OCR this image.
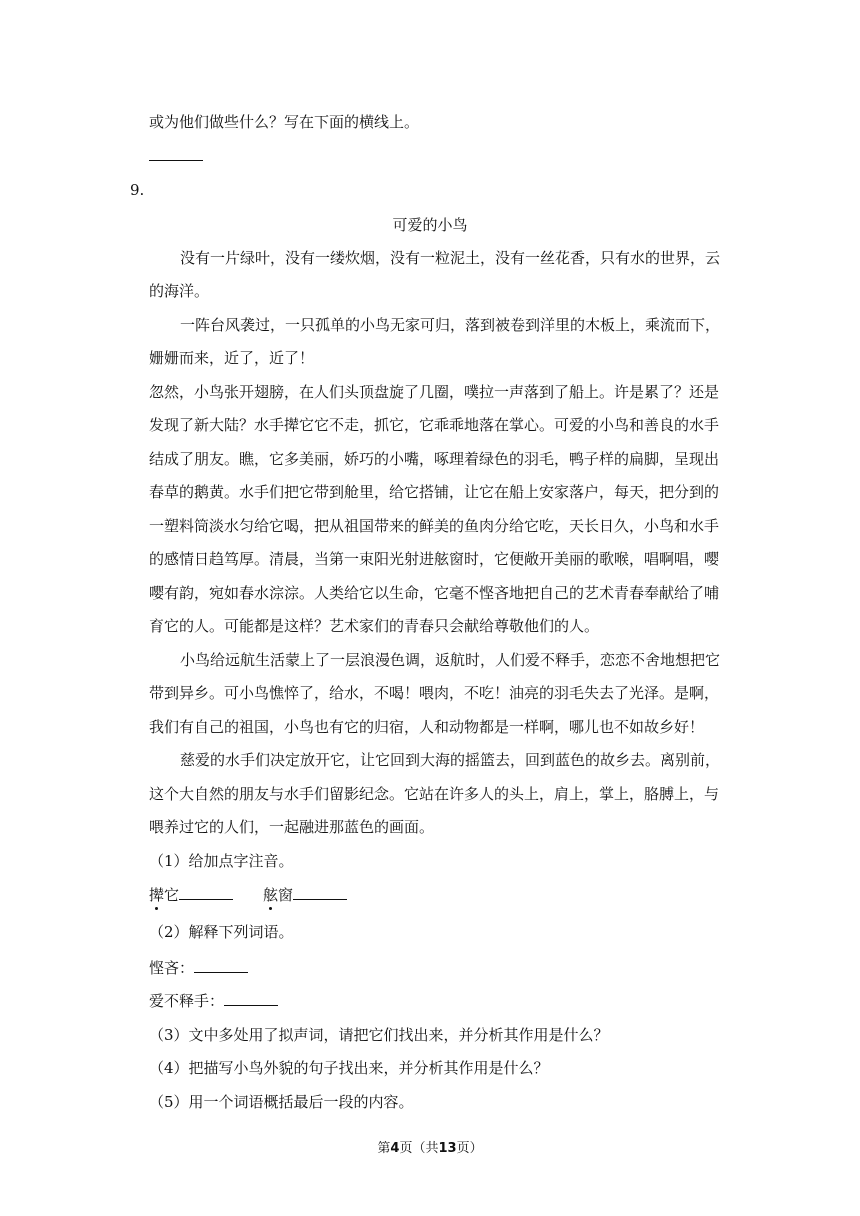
或为他们做些什么？写在下面的横线上。
9.
可爱的小鸟
没有一片绿叶，没有一缕炊烟，没有一粒泥土，没有一丝花香，只有水的世界，云
的海洋。
一阵台风袭过，一只孤单的小鸟无家可归，落到被卷到洋里的木板上，乘流而下，
姗姗而来，近了，近了！
忽然，小鸟张开翅膀，在人们头顶盘旋了几圈，噗拉一声落到了船上。许是累了？还是
发现了新大陆？水手撵它它不走，抓它，它乖乖地落在掌心。可爱的小鸟和善良的水手
结成了朋友。瞧，它多美丽，娇巧的小嘴，啄理着绿色的羽毛，鸭子样的扁脚，呈现出
春草的鹅黄。水手们把它带到舱里，给它搭铺，让它在船上安家落户，每天，把分到的
一塑料筒淡水匀给它喝，把从祖国带来的鲜美的鱼肉分给它吃，天长日久，小鸟和水手
的感情日趋笃厚。清晨，当第一束阳光射进舷窗时，它便敞开美丽的歌喉，唱啊唱，嘤
嘤有韵，宛如春水淙淙。人类给它以生命，它毫不悭吝地把自己的艺术青春奉献给了哺
育它的人。可能都是这样？艺术家们的青春只会献给尊敬他们的人。
小鸟给远航生活蒙上了一层浪漫色调，返航时，人们爱不释手，恋恋不舍地想把它
带到异乡。可小鸟憔悴了，给水，不喝！喂肉，不吃！油亮的羽毛失去了光泽。是啊，
我们有自己的祖国，小鸟也有它的归宿，人和动物都是一样啊，哪儿也不如故乡好！
慈爱的水手们决定放开它，让它回到大海的摇篮去，回到蓝色的故乡去。离别前，
这个大自然的朋友与水手们留影纪念。它站在许多人的头上，肩上，掌上，胳膊上，与
喂养过它的人们，一起融进那蓝色的画面。
（1）给加点字注音。
撵它	舷窗
（2）解释下列词语。
悭吝：
爱不释手：
（3）文中多处用了拟声词，请把它们找出来，并分析其作用是什么？
（4）把描写小鸟外貌的句子找出来，并分析其作用是什么？
（5）用一个词语概括最后一段的内容。
第4页（共13页）
